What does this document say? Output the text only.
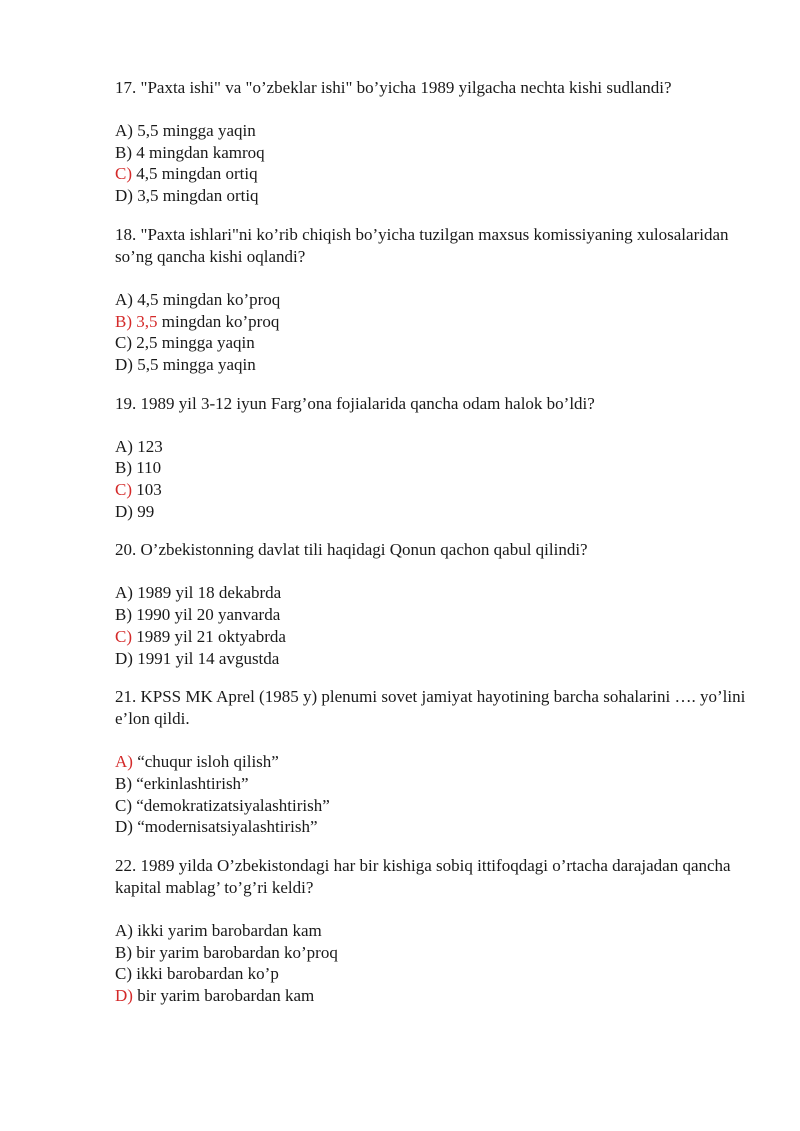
17. "Paxta ishi" va "o’zbeklar ishi" bo’yicha 1989 yilgacha nechta kishi sudlandi?

A) 5,5 mingga yaqin
B) 4 mingdan kamroq
C) 4,5 mingdan ortiq
D) 3,5 mingdan ortiq

18. "Paxta ishlari"ni ko’rib chiqish bo’yicha tuzilgan maxsus komissiyaning xulosalaridan so’ng qancha kishi oqlandi?

A) 4,5 mingdan ko’proq
B) 3,5 mingdan ko’proq
C) 2,5 mingga yaqin
D) 5,5 mingga yaqin

19. 1989 yil 3-12 iyun Farg’ona fojialarida qancha odam halok bo’ldi?

A) 123
B) 110
C) 103
D) 99

20. O’zbekistonning davlat tili haqidagi Qonun qachon qabul qilindi?

A) 1989 yil 18 dekabrda
B) 1990 yil 20 yanvarda
C) 1989 yil 21 oktyabrda
D) 1991 yil 14 avgustda

21. KPSS MK Aprel (1985 y) plenumi sovet jamiyat hayotining barcha sohalarini …. yo’lini e’lon qildi.

A) “chuqur isloh qilish”
B) “erkinlashtirish”
C) “demokratizatsiyalashtirish”
D) “modernisatsiyalashtirish”

22. 1989 yilda O’zbekistondagi har bir kishiga sobiq ittifoqdagi o’rtacha darajadan qancha kapital mablag’ to’g’ri keldi?

A) ikki yarim barobardan kam
B) bir yarim barobardan ko’proq
C) ikki barobardan ko’p
D) bir yarim barobardan kam
